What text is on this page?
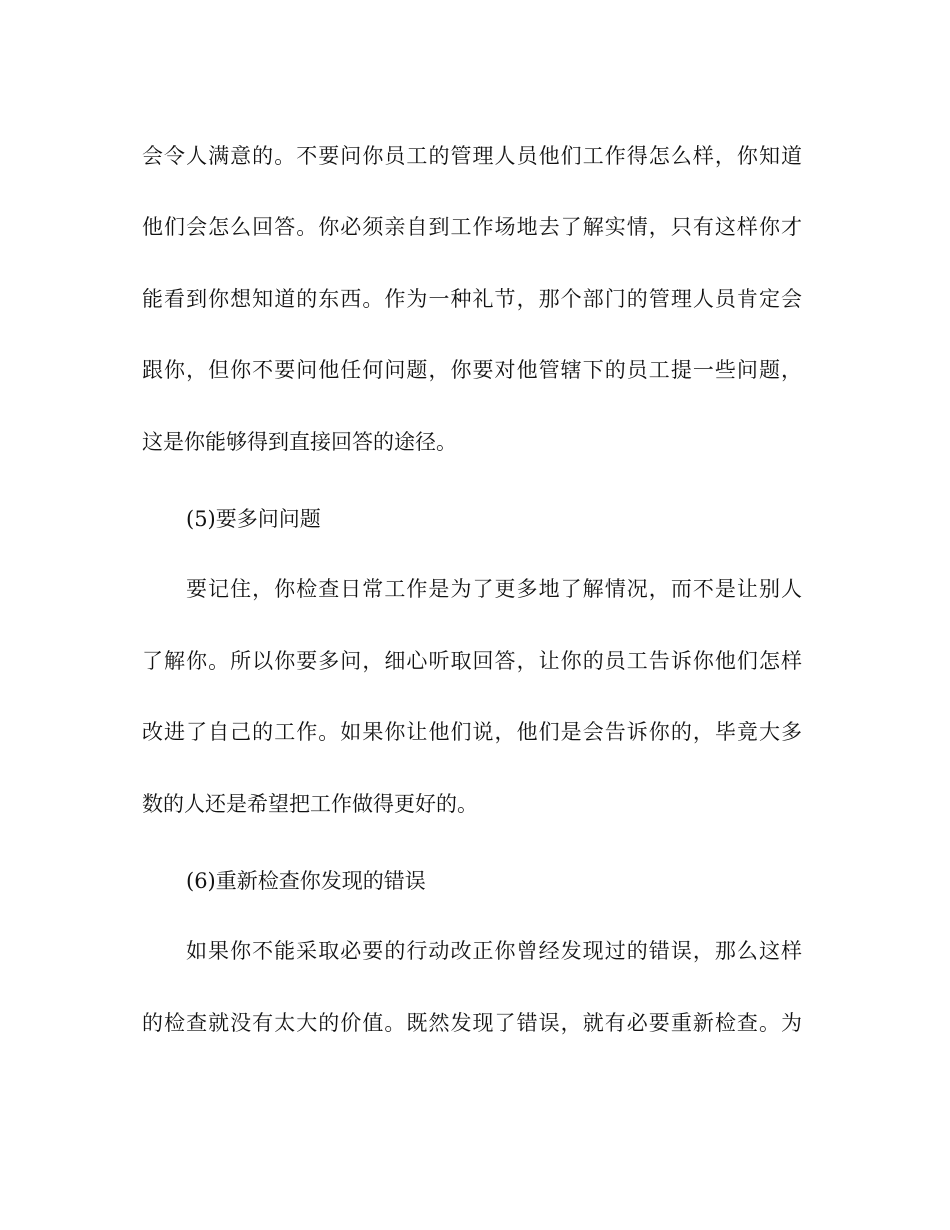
会令人满意的。不要问你员工的管理人员他们工作得怎么样，你知道

他们会怎么回答。你必须亲自到工作场地去了解实情，只有这样你才

能看到你想知道的东西。作为一种礼节，那个部门的管理人员肯定会

跟你，但你不要问他任何问题，你要对他管辖下的员工提一些问题，

这是你能够得到直接回答的途径。

(5)要多问问题

要记住，你检查日常工作是为了更多地了解情况，而不是让别人

了解你。所以你要多问，细心听取回答，让你的员工告诉你他们怎样

改进了自己的工作。如果你让他们说，他们是会告诉你的，毕竟大多

数的人还是希望把工作做得更好的。

(6)重新检查你发现的错误

如果你不能采取必要的行动改正你曾经发现过的错误，那么这样

的检查就没有太大的价值。既然发现了错误，就有必要重新检查。为
